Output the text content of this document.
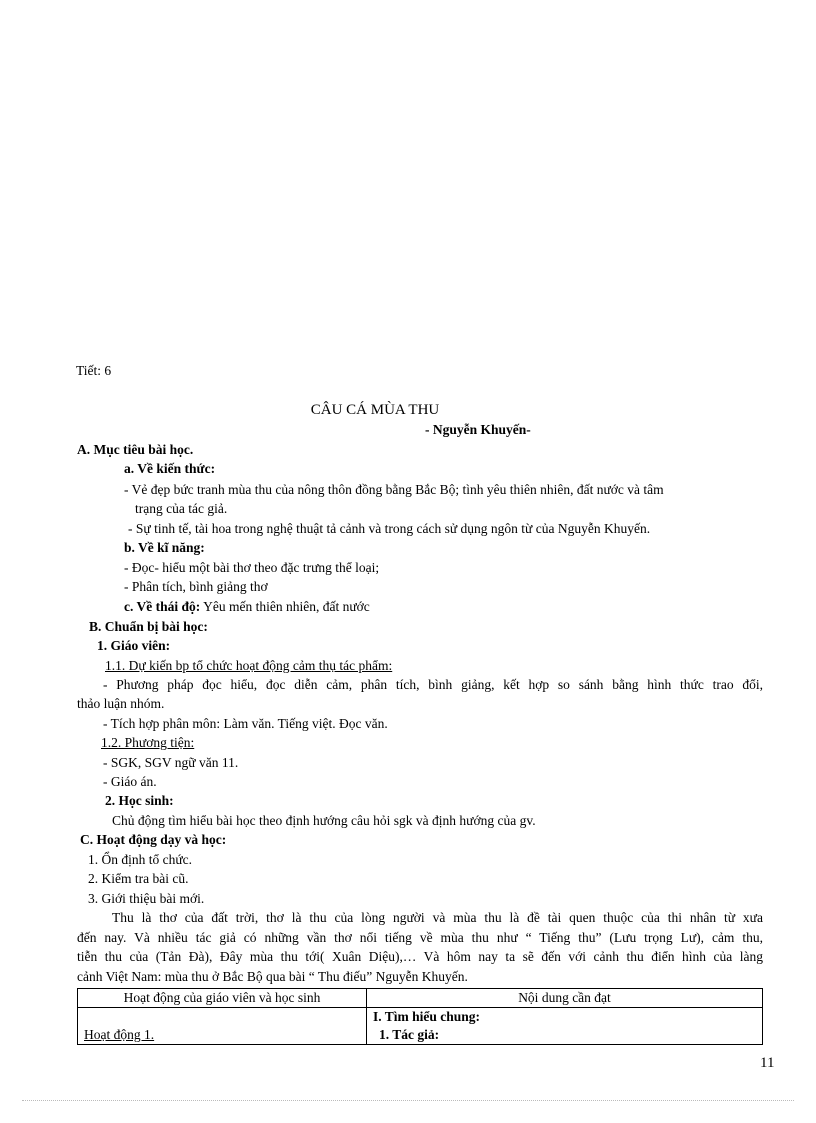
Tiết: 6
CÂU CÁ MÙA THU
- Nguyễn Khuyến-
A. Mục tiêu bài học.
a. Về kiến thức:
- Vẻ đẹp bức tranh mùa thu của nông thôn đồng bằng Bắc Bộ; tình yêu thiên nhiên, đất nước và tâm
trạng của tác giả.
- Sự tinh tế, tài hoa trong nghệ thuật tả cảnh và trong cách sử dụng ngôn từ của Nguyễn Khuyến.
b. Về kĩ năng:
- Đọc- hiểu một bài thơ theo đặc trưng thể loại;
- Phân tích, bình giảng thơ
c. Về thái độ: Yêu mến thiên nhiên, đất nước
B. Chuẩn bị bài học:
1. Giáo viên:
1.1. Dự kiến bp tổ chức hoạt động cảm thụ tác phẩm:
- Phương pháp đọc hiểu, đọc diễn cảm, phân tích, bình giảng, kết hợp so sánh bằng hình thức trao đổi,
thảo luận nhóm.
- Tích hợp phân môn: Làm văn. Tiếng việt. Đọc văn.
1.2. Phương tiện:
- SGK, SGV ngữ văn 11.
- Giáo án.
2. Học sinh:
Chủ động tìm hiểu bài học theo định hướng câu hỏi sgk và định hướng của gv.
C. Hoạt động dạy và học:
1. Ổn định tổ chức.
2. Kiểm tra bài cũ.
3. Giới thiệu bài mới.
Thu là thơ của đất trời, thơ là thu của lòng người và mùa thu là đề tài quen thuộc của thi nhân từ xưa
đến nay. Và nhiều tác giả có những vần thơ nổi tiếng về mùa thu như “ Tiếng thu” (Lưu trọng Lư), cảm thu,
tiễn thu của (Tản Đà), Đây mùa thu tới( Xuân Diệu),… Và hôm nay ta sẽ đến với cảnh thu điển hình của làng
cảnh Việt Nam: mùa thu ở Bắc Bộ qua bài “ Thu điếu” Nguyễn Khuyến.
Hoạt động của giáo viên và học sinh	Nội dung cần đạt
Hoạt động 1.	I. Tìm hiểu chung:
1. Tác giả:
11
